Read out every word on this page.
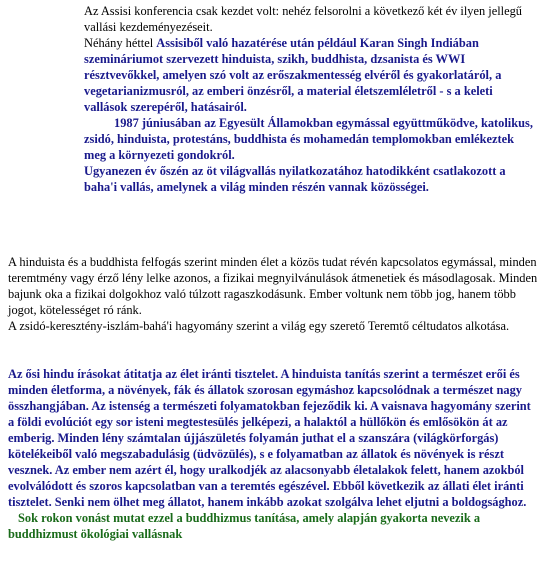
Az Assisi konferencia csak kezdet volt: nehéz felsorolni a következő két év ilyen jellegű vallási kezdeményezéseit.
Néhány héttel Assisiből való hazatérése után például Karan Singh Indiában szemináriumot szervezett hinduista, szikh, buddhista, dzsanista és WWI résztvevőkkel, amelyen szó volt az erőszakmentesség elvéről és gyakorlatáról, a vegetarianizmusról, az emberi önzésről, a material életszemléletről - s a keleti vallások szerepéről, hatásairól.
1987 júniusában az Egyesült Államokban egymással együttműködve, katolikus, zsidó, hinduista, protestáns, buddhista és mohamedán templomokban emlékeztek meg a környezeti gondokról.
Ugyanezen év őszén az öt világvallás nyilatkozatához hatodikként csatlakozott a baha'i vallás, amelynek a világ minden részén vannak közösségei.
A hinduista és a buddhista felfogás szerint minden élet a közös tudat révén kapcsolatos egymással, minden teremtmény vagy érző lény lelke azonos, a fizikai megnyilvánulások átmenetiek és másodlagosak. Minden bajunk oka a fizikai dolgokhoz való túlzott ragaszkodásunk. Ember voltunk nem több jog, hanem több jogot, kötelességet ró ránk.
A zsidó-keresztény-iszlám-bahá'i hagyomány szerint a világ egy szerető Teremtő céltudatos alkotása.
Az ősi hindu írásokat átitatja az élet iránti tisztelet. A hinduista tanítás szerint a természet erői és minden életforma, a növények, fák és állatok szorosan egymáshoz kapcsolódnak a természet nagy összhangjában. Az istenség a természeti folyamatokban fejeződik ki. A vaisnava hagyomány szerint a földi evolúciót egy sor isteni megtestesülés jelképezi, a halaktól a hüllőkön és emlősökön át az emberig. Minden lény számtalan újjászületés folyamán juthat el a szanszára (világkörforgás) kötelékeiből való megszabadulásig (üdvözülés), s e folyamatban az állatok és növények is részt vesznek. Az ember nem azért él, hogy uralkodjék az alacsonyabb életalakok felett, hanem azokból evolválódott és szoros kapcsolatban van a teremtés egészével. Ebből következik az állati élet iránti tisztelet. Senki nem ölhet meg állatot, hanem inkább azokat szolgálva lehet eljutni a boldogsághoz.
Sok rokon vonást mutat ezzel a buddhizmus tanítása, amely alapján gyakorta nevezik a buddhizmust ökológiai vallásnak
